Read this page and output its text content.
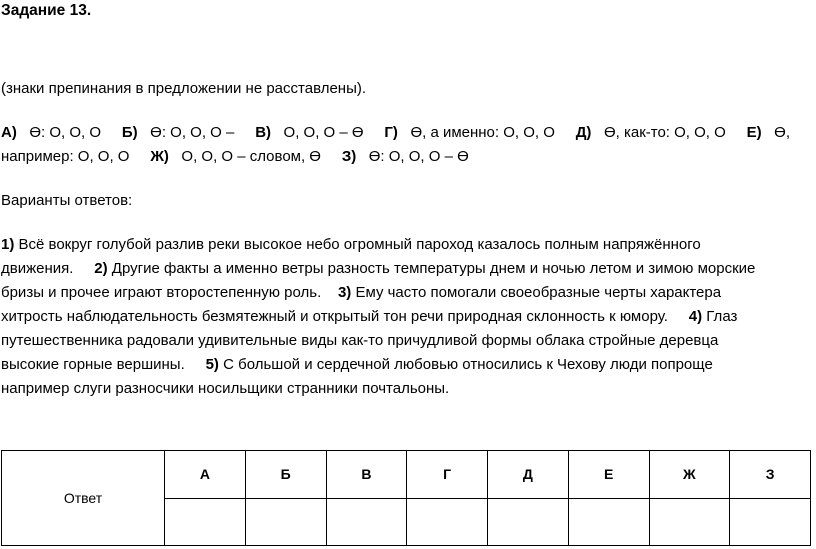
Задание 13.
(знаки препинания в предложении не расставлены).
А) Ө: О, О, О Б) Ө: О, О, О – В) О, О, О – Ө Г) Ө, а именно: О, О, О Д) Ө, как-то: О, О, О Е) Ө,
например: О, О, О Ж) О, О, О – словом, Ө З) Ө: О, О, О – Ө
Варианты ответов:
1) Всё вокруг голубой разлив реки высокое небо огромный пароход казалось полным напряжённого
движения. 2) Другие факты а именно ветры разность температуры днем и ночью летом и зимою морские
бризы и прочее играют второстепенную роль. 3) Ему часто помогали своеобразные черты характера
хитрость наблюдательность безмятежный и открытый тон речи природная склонность к юмору. 4) Глаз
путешественника радовали удивительные виды как-то причудливой формы облака стройные деревца
высокие горные вершины. 5) С большой и сердечной любовью относились к Чехову люди попроще
например слуги разносчики носильщики странники почтальоны.
Ответ	А	Б	В	Г	Д	Е	Ж	З
